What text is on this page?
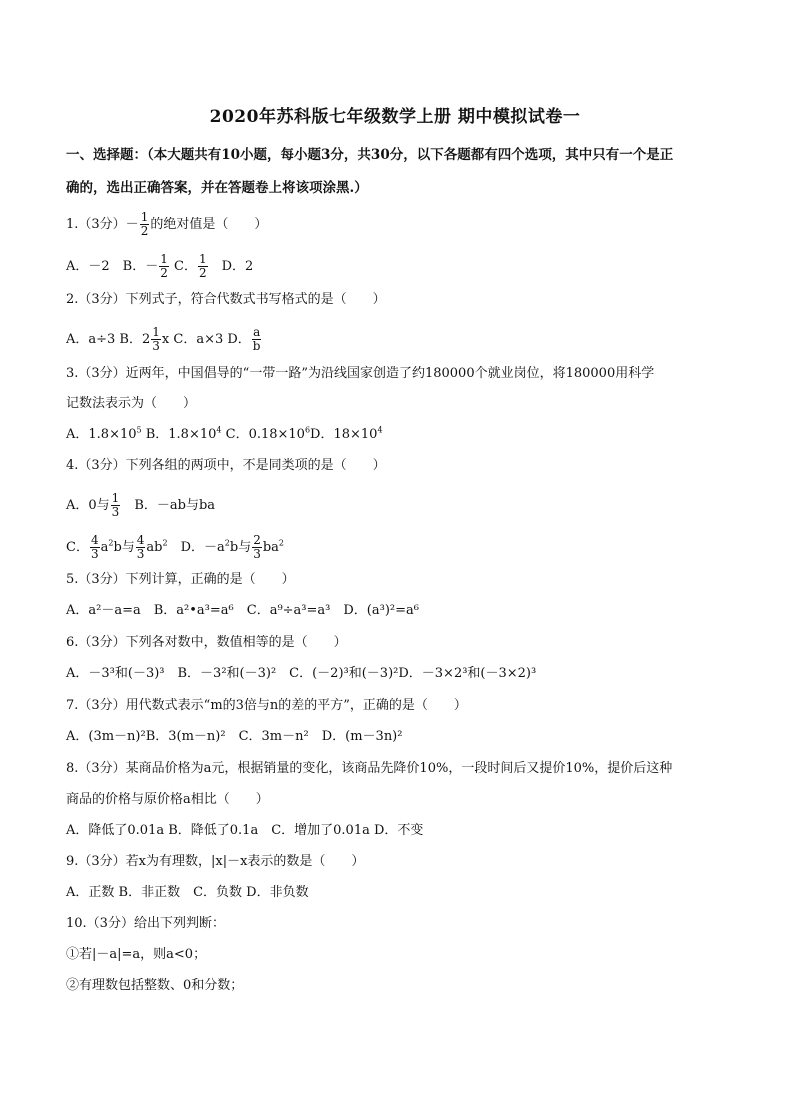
2020年苏科版七年级数学上册 期中模拟试卷一
一、选择题：（本大题共有10小题，每小题3分，共30分，以下各题都有四个选项，其中只有一个是正
确的，选出正确答案，并在答题卷上将该项涂黑.）
1.（3分）－ $\frac{1}{2}$ 的绝对值是（　　）
A．－2　B．－ $\frac{1}{2}$ C． $\frac{1}{2}$ 　D．2
2.（3分）下列式子，符合代数式书写格式的是（　　）
A．a÷3 B．$2 \frac{1}{3}$ x C．a×3 D． $\frac{a}{b}$
3.（3分）近两年，中国倡导的“一带一路”为沿线国家创造了约180000个就业岗位，将180000用科学
记数法表示为（　　）
A．$1.8\times 10^5$ B．$1.8\times 10^4$ C．$0.18\times 10^6D$．$18\times 10^4$
4.（3分）下列各组的两项中，不是同类项的是（　　）
A．0与 $\frac{1}{3}$ 　B．－ab与ba
C． $\frac{4}{3} a^2b$与 $\frac{4}{3} ab^2$　D．$-a^2b$与 $\frac{2}{3} ba^2$
5.（3分）下列计算，正确的是（　　）
A．a²－a=a　B．a²•a³=a⁶　C．a⁹÷a³=a³　D．(a³)²=a⁶
6.（3分）下列各对数中，数值相等的是（　　）
A．－3³和(－3)³　B．－3²和(－3)²　C．(－2)³和(－3)²D．－3×2³和(－3×2)³
7.（3分）用代数式表示“m的3倍与n的差的平方”，正确的是（　　）
A．(3m－n)²B．3(m－n)²　C．3m－n²　D．(m－3n)²
8.（3分）某商品价格为a元，根据销量的变化，该商品先降价10%，一段时间后又提价10%，提价后这种
商品的价格与原价格a相比（　　）
A．降低了0.01a B．降低了0.1a　C．增加了0.01a D．不变
9.（3分）若x为有理数，|x|－x表示的数是（　　）
A．正数 B．非正数　C．负数 D．非负数
10.（3分）给出下列判断：
①若|－a|=a，则a<0；
②有理数包括整数、0和分数；
